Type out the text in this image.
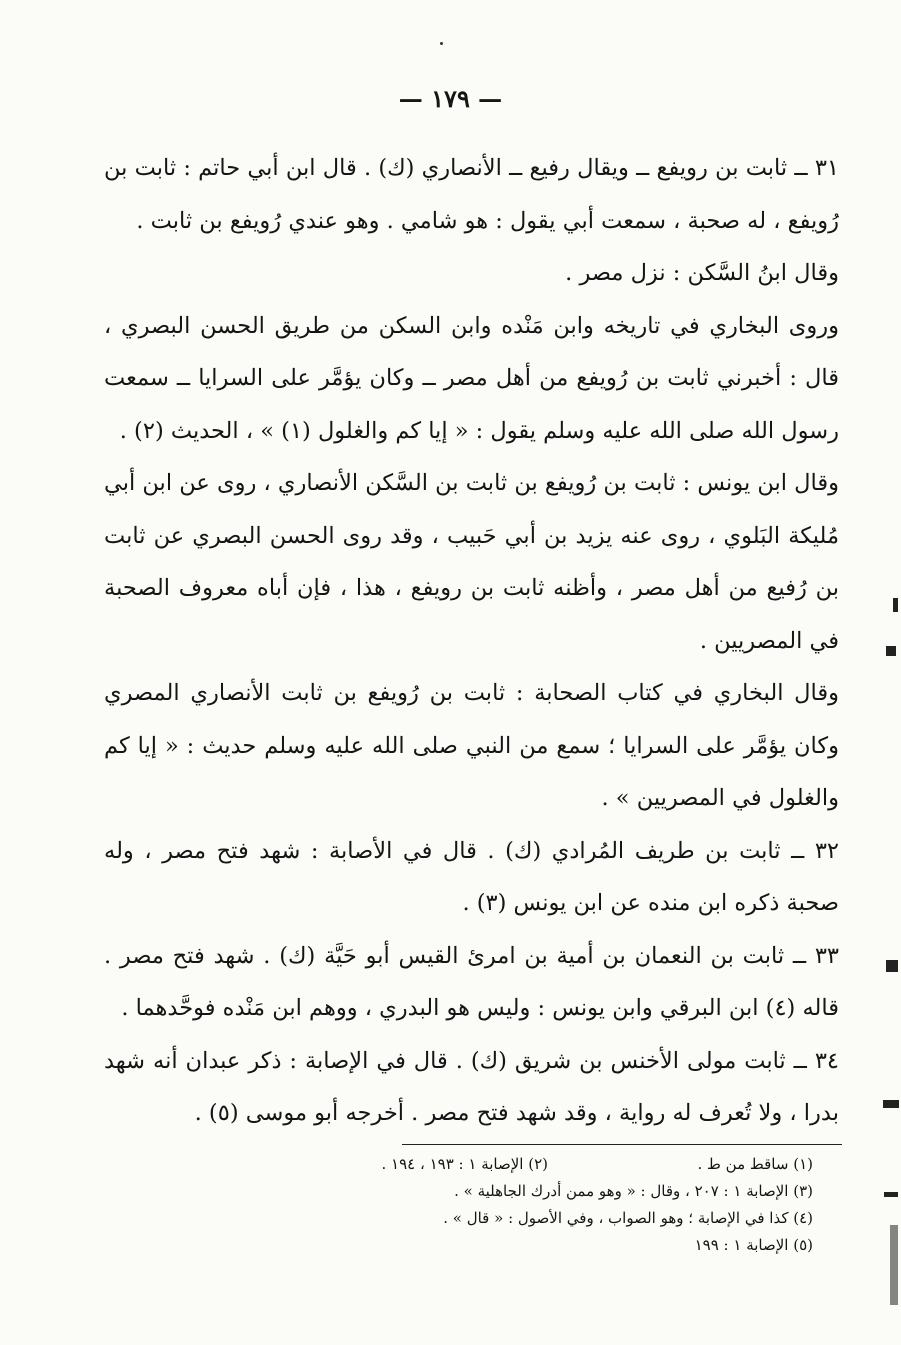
— ١٧٩ —

٣١ ــ ثابت بن رويفع ــ ويقال رفيع ــ الأنصاري (ك) . قال ابن أبي حاتم : ثابت بن رُويفع ، له صحبة ، سمعت أبي يقول : هو شامي . وهو عندي رُويفع بن ثابت .

وقال ابنُ السَّكن : نزل مصر .

وروى البخاري في تاريخه وابن مَنْده وابن السكن من طريق الحسن البصري ، قال : أخبرني ثابت بن رُويفع من أهل مصر ــ وكان يؤمَّر على السرايا ــ سمعت رسول الله صلى الله عليه وسلم يقول : « إيا كم والغلول (١) » ، الحديث (٢) .

وقال ابن يونس : ثابت بن رُويفع بن ثابت بن السَّكن الأنصاري ، روى عن ابن أبي مُليكة البَلوي ، روى عنه يزيد بن أبي حَبيب ، وقد روى الحسن البصري عن ثابت بن رُفيع من أهل مصر ، وأظنه ثابت بن رويفع ، هذا ، فإن أباه معروف الصحبة في المصريين .

وقال البخاري في كتاب الصحابة : ثابت بن رُويفع بن ثابت الأنصاري المصري وكان يؤمَّر على السرايا ؛ سمع من النبي صلى الله عليه وسلم حديث : « إيا كم والغلول في المصريين » .

٣٢ ــ ثابت بن طريف المُرادي (ك) . قال في الأصابة : شهد فتح مصر ، وله صحبة ذكره ابن منده عن ابن يونس (٣) .

٣٣ ــ ثابت بن النعمان بن أمية بن امرئ القيس أبو حَيَّة (ك) . شهد فتح مصر . قاله (٤) ابن البرقي وابن يونس : وليس هو البدري ، ووهم ابن مَنْده فوحَّدهما .

٣٤ ــ ثابت مولى الأخنس بن شريق (ك) . قال في الإصابة : ذكر عبدان أنه شهد بدرا ، ولا تُعرف له رواية ، وقد شهد فتح مصر . أخرجه أبو موسى (٥) .

(١) ساقط من ط .

(٢) الإصابة ١ : ١٩٣ ، ١٩٤ .

(٣) الإصابة ١ : ٢٠٧ ، وقال : « وهو ممن أدرك الجاهلية » .

(٤) كذا في الإصابة ؛ وهو الصواب ، وفي الأصول : « قال » .

(٥) الإصابة ١ : ١٩٩
